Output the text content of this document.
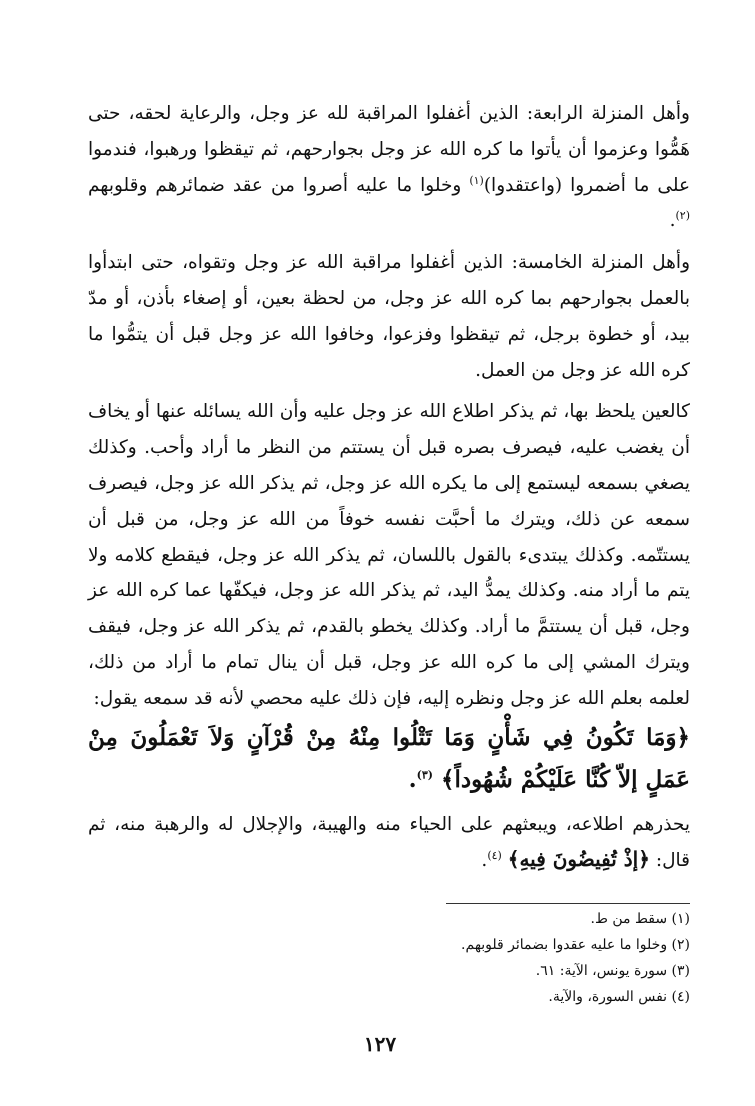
وأهل المنزلة الرابعة: الذين أغفلوا المراقبة لله عز وجل، والرعاية لحقه، حتى هَمُّوا وعزموا أن يأتوا ما كره الله عز وجل بجوارحهم، ثم تيقظوا ورهبوا، فندموا على ما أضمروا (واعتقدوا)$^{(١)}$ وخلوا ما عليه أصروا من عقد ضمائرهم وقلوبهم $^{(٢)}$.

وأهل المنزلة الخامسة: الذين أغفلوا مراقبة الله عز وجل وتقواه، حتى ابتدأوا بالعمل بجوارحهم بما كره الله عز وجل، من لحظة بعين، أو إصغاء بأذن، أو مدّ بيد، أو خطوة برجل، ثم تيقظوا وفزعوا، وخافوا الله عز وجل قبل أن يتمُّوا ما كره الله عز وجل من العمل.

كالعين يلحظ بها، ثم يذكر اطلاع الله عز وجل عليه وأن الله يسائله عنها أو يخاف أن يغضب عليه، فيصرف بصره قبل أن يستتم من النظر ما أراد وأحب. وكذلك يصغي بسمعه ليستمع إلى ما يكره الله عز وجل، ثم يذكر الله عز وجل، فيصرف سمعه عن ذلك، ويترك ما أحبَّت نفسه خوفاً من الله عز وجل، من قبل أن يستتّمه. وكذلك يبتدىء بالقول باللسان، ثم يذكر الله عز وجل، فيقطع كلامه ولا يتم ما أراد منه. وكذلك يمدُّ اليد، ثم يذكر الله عز وجل، فيكفّها عما كره الله عز وجل، قبل أن يستتمَّ ما أراد. وكذلك يخطو بالقدم، ثم يذكر الله عز وجل، فيقف ويترك المشي إلى ما كره الله عز وجل، قبل أن ينال تمام ما أراد من ذلك، لعلمه بعلم الله عز وجل ونظره إليه، فإن ذلك عليه محصي لأنه قد سمعه يقول:

﴿وَمَا تَكُونُ فِي شَأْنٍ وَمَا تَتْلُوا مِنْهُ مِنْ قُرْآنٍ وَلاَ تَعْمَلُونَ مِنْ عَمَلٍ إلاّ كُنَّا عَلَيْكُمْ شُهُوداً﴾ $^{(٣)}$.

يحذرهم اطلاعه، ويبعثهم على الحياء منه والهيبة، والإجلال له والرهبة منه، ثم قال: ﴿إذْ تُفِيضُونَ فِيهِ﴾ $^{(٤)}$.

(١) سقط من ط.

(٢) وخلوا ما عليه عقدوا بضمائر قلوبهم.

(٣) سورة يونس، الآية: ٦١.

(٤) نفس السورة، والآية.

١٢٧
